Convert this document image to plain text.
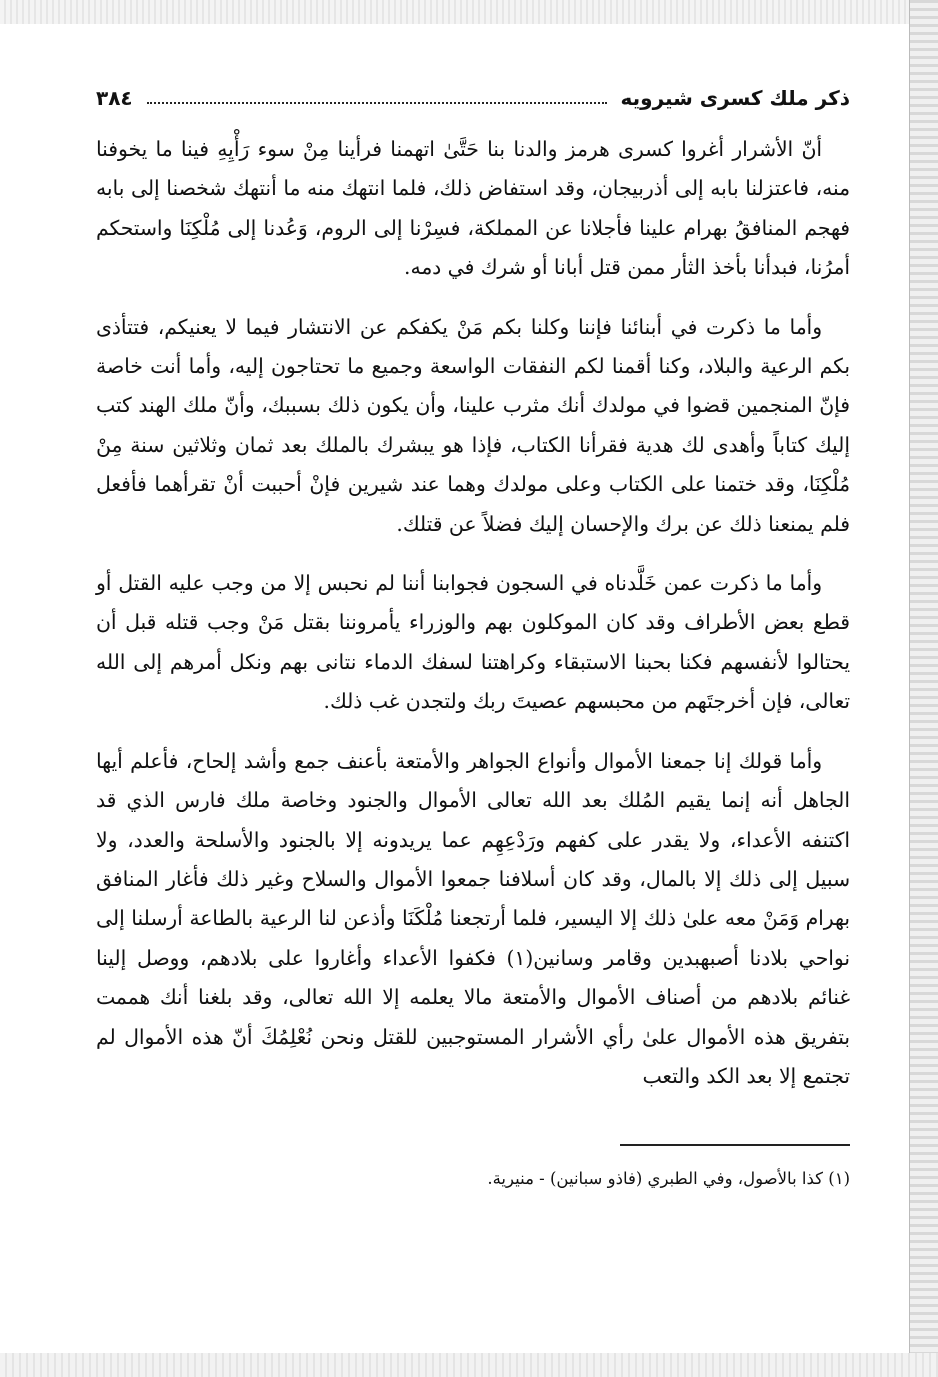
ذكر ملك كسرى شيرويه
٣٨٤

أنّ الأشرار أغروا كسرى هرمز والدنا بنا حَتَّىٰ اتهمنا فرأينا مِنْ سوء رَأْيِهِ فينا ما يخوفنا منه، فاعتزلنا بابه إلى أذربيجان، وقد استفاض ذلك، فلما انتهك منه ما أنتهك شخصنا إلى بابه فهجم المنافقُ بهرام علينا فأجلانا عن المملكة، فسِرْنا إلى الروم، وَعُدنا إلى مُلْكِنَا واستحكم أمرُنا، فبدأنا بأخذ الثأر ممن قتل أبانا أو شرك في دمه.

وأما ما ذكرت في أبنائنا فإننا وكلنا بكم مَنْ يكفكم عن الانتشار فيما لا يعنيكم، فتتأذى بكم الرعية والبلاد، وكنا أقمنا لكم النفقات الواسعة وجميع ما تحتاجون إليه، وأما أنت خاصة فإنّ المنجمين قضوا في مولدك أنك مثرب علينا، وأن يكون ذلك بسببك، وأنّ ملك الهند كتب إليك كتاباً وأهدى لك هدية فقرأنا الكتاب، فإذا هو يبشرك بالملك بعد ثمان وثلاثين سنة مِنْ مُلْكِنَا، وقد ختمنا على الكتاب وعلى مولدك وهما عند شيرين فإنْ أحببت أنْ تقرأهما فأفعل فلم يمنعنا ذلك عن برك والإحسان إليك فضلاً عن قتلك.

وأما ما ذكرت عمن خَلَّدناه في السجون فجوابنا أننا لم نحبس إلا من وجب عليه القتل أو قطع بعض الأطراف وقد كان الموكلون بهم والوزراء يأمروننا بقتل مَنْ وجب قتله قبل أن يحتالوا لأنفسهم فكنا بحبنا الاستبقاء وكراهتنا لسفك الدماء نتانى بهم ونكل أمرهم إلى الله تعالى، فإن أخرجتَهم من محبسهم عصيتَ ربك ولتجدن غب ذلك.

وأما قولك إنا جمعنا الأموال وأنواع الجواهر والأمتعة بأعنف جمع وأشد إلحاح، فأعلم أيها الجاهل أنه إنما يقيم المُلك بعد الله تعالى الأموال والجنود وخاصة ملك فارس الذي قد اكتنفه الأعداء، ولا يقدر على كفهم ورَدْعِهِم عما يريدونه إلا بالجنود والأسلحة والعدد، ولا سبيل إلى ذلك إلا بالمال، وقد كان أسلافنا جمعوا الأموال والسلاح وغير ذلك فأغار المنافق بهرام وَمَنْ معه علىٰ ذلك إلا اليسير، فلما أرتجعنا مُلْكَنَا وأذعن لنا الرعية بالطاعة أرسلنا إلى نواحي بلادنا أصبهبدين وقامر وسانين(١) فكفوا الأعداء وأغاروا على بلادهم، ووصل إلينا غنائم بلادهم من أصناف الأموال والأمتعة مالا يعلمه إلا الله تعالى، وقد بلغنا أنك هممت بتفريق هذه الأموال علىٰ رأي الأشرار المستوجبين للقتل ونحن نُعْلِمُكَ أنّ هذه الأموال لم تجتمع إلا بعد الكد والتعب

(١) كذا بالأصول، وفي الطبري (فاذو سبانين) - منيرية.
